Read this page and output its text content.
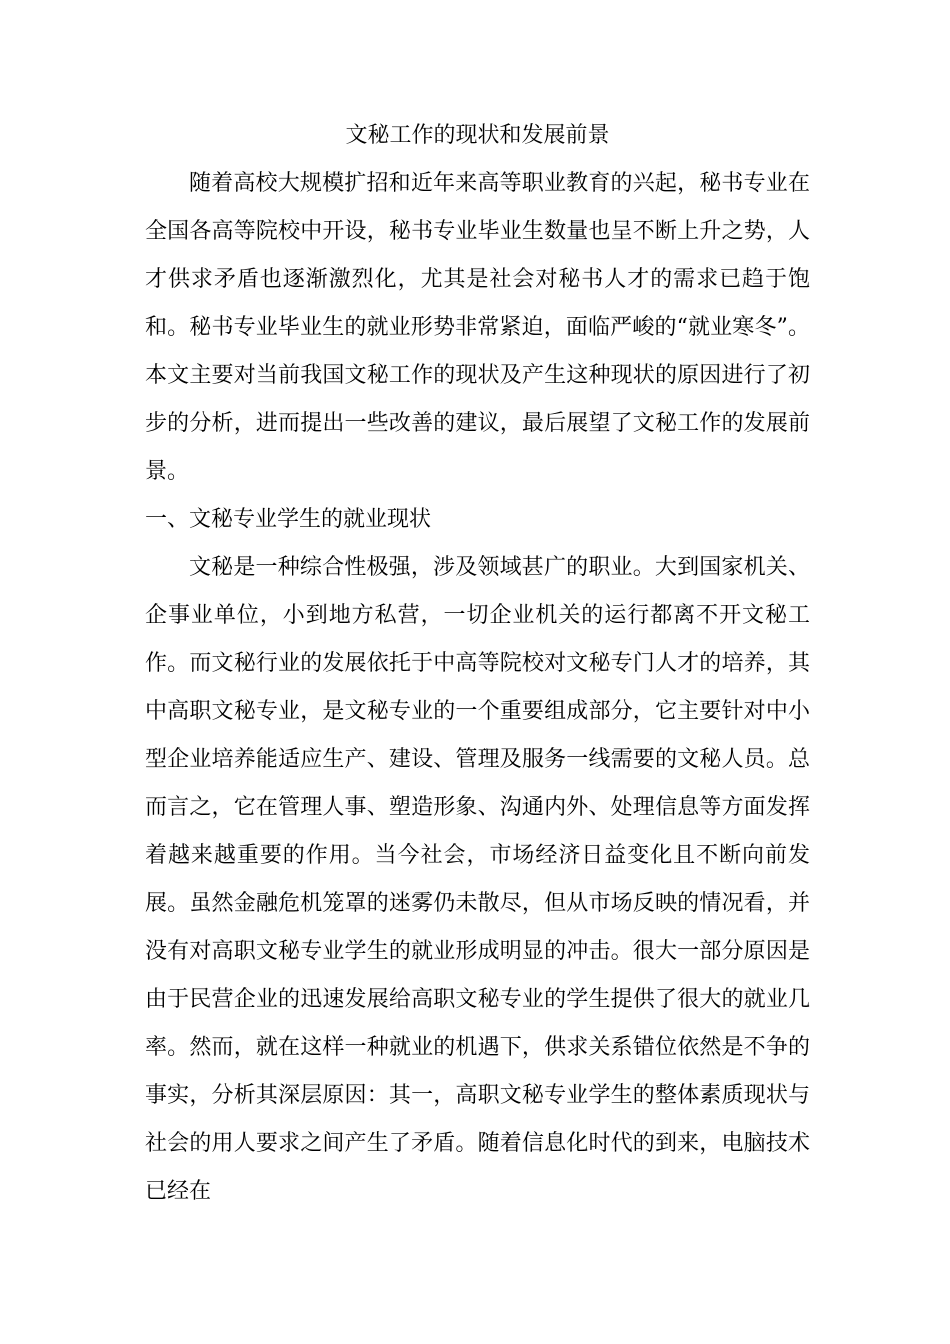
文秘工作的现状和发展前景

随着高校大规模扩招和近年来高等职业教育的兴起，秘书专业在全国各高等院校中开设，秘书专业毕业生数量也呈不断上升之势，人才供求矛盾也逐渐激烈化，尤其是社会对秘书人才的需求已趋于饱和。秘书专业毕业生的就业形势非常紧迫，面临严峻的“就业寒冬”。本文主要对当前我国文秘工作的现状及产生这种现状的原因进行了初步的分析，进而提出一些改善的建议，最后展望了文秘工作的发展前景。

一、文秘专业学生的就业现状

文秘是一种综合性极强，涉及领域甚广的职业。大到国家机关、企事业单位，小到地方私营，一切企业机关的运行都离不开文秘工作。而文秘行业的发展依托于中高等院校对文秘专门人才的培养，其中高职文秘专业，是文秘专业的一个重要组成部分，它主要针对中小型企业培养能适应生产、建设、管理及服务一线需要的文秘人员。总而言之，它在管理人事、塑造形象、沟通内外、处理信息等方面发挥着越来越重要的作用。当今社会，市场经济日益变化且不断向前发展。虽然金融危机笼罩的迷雾仍未散尽，但从市场反映的情况看，并没有对高职文秘专业学生的就业形成明显的冲击。很大一部分原因是由于民营企业的迅速发展给高职文秘专业的学生提供了很大的就业几率。然而，就在这样一种就业的机遇下，供求关系错位依然是不争的事实，分析其深层原因：其一，高职文秘专业学生的整体素质现状与社会的用人要求之间产生了矛盾。随着信息化时代的到来，电脑技术已经在
